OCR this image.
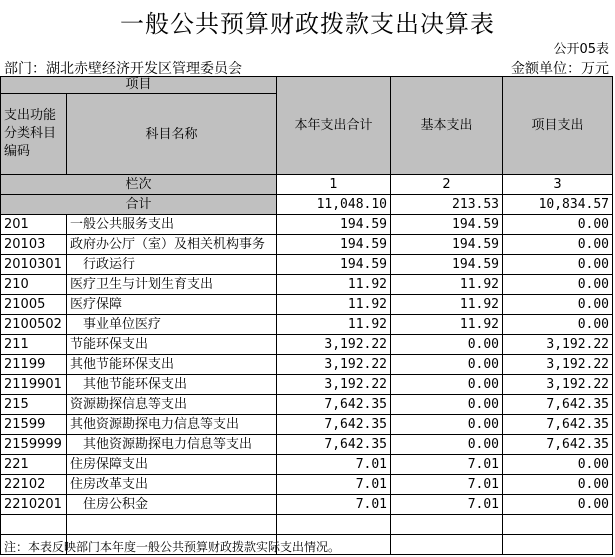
一般公共预算财政拨款支出决算表
公开05表
部门：湖北赤壁经济开发区管理委员会	金额单位：万元
项目		本年支出合计	基本支出	项目支出
支出功能分类科目编码	科目名称			
栏次		1	2	3
合计		11,048.10	213.53	10,834.57
201	一般公共服务支出	194.59	194.59	0.00
20103	政府办公厅（室）及相关机构事务	194.59	194.59	0.00
2010301	行政运行	194.59	194.59	0.00
210	医疗卫生与计划生育支出	11.92	11.92	0.00
21005	医疗保障	11.92	11.92	0.00
2100502	事业单位医疗	11.92	11.92	0.00
211	节能环保支出	3,192.22	0.00	3,192.22
21199	其他节能环保支出	3,192.22	0.00	3,192.22
2119901	其他节能环保支出	3,192.22	0.00	3,192.22
215	资源勘探信息等支出	7,642.35	0.00	7,642.35
21599	其他资源勘探电力信息等支出	7,642.35	0.00	7,642.35
2159999	其他资源勘探电力信息等支出	7,642.35	0.00	7,642.35
221	住房保障支出	7.01	7.01	0.00
22102	住房改革支出	7.01	7.01	0.00
2210201	住房公积金	7.01	7.01	0.00

注：本表反映部门本年度一般公共预算财政拨款实际支出情况。
